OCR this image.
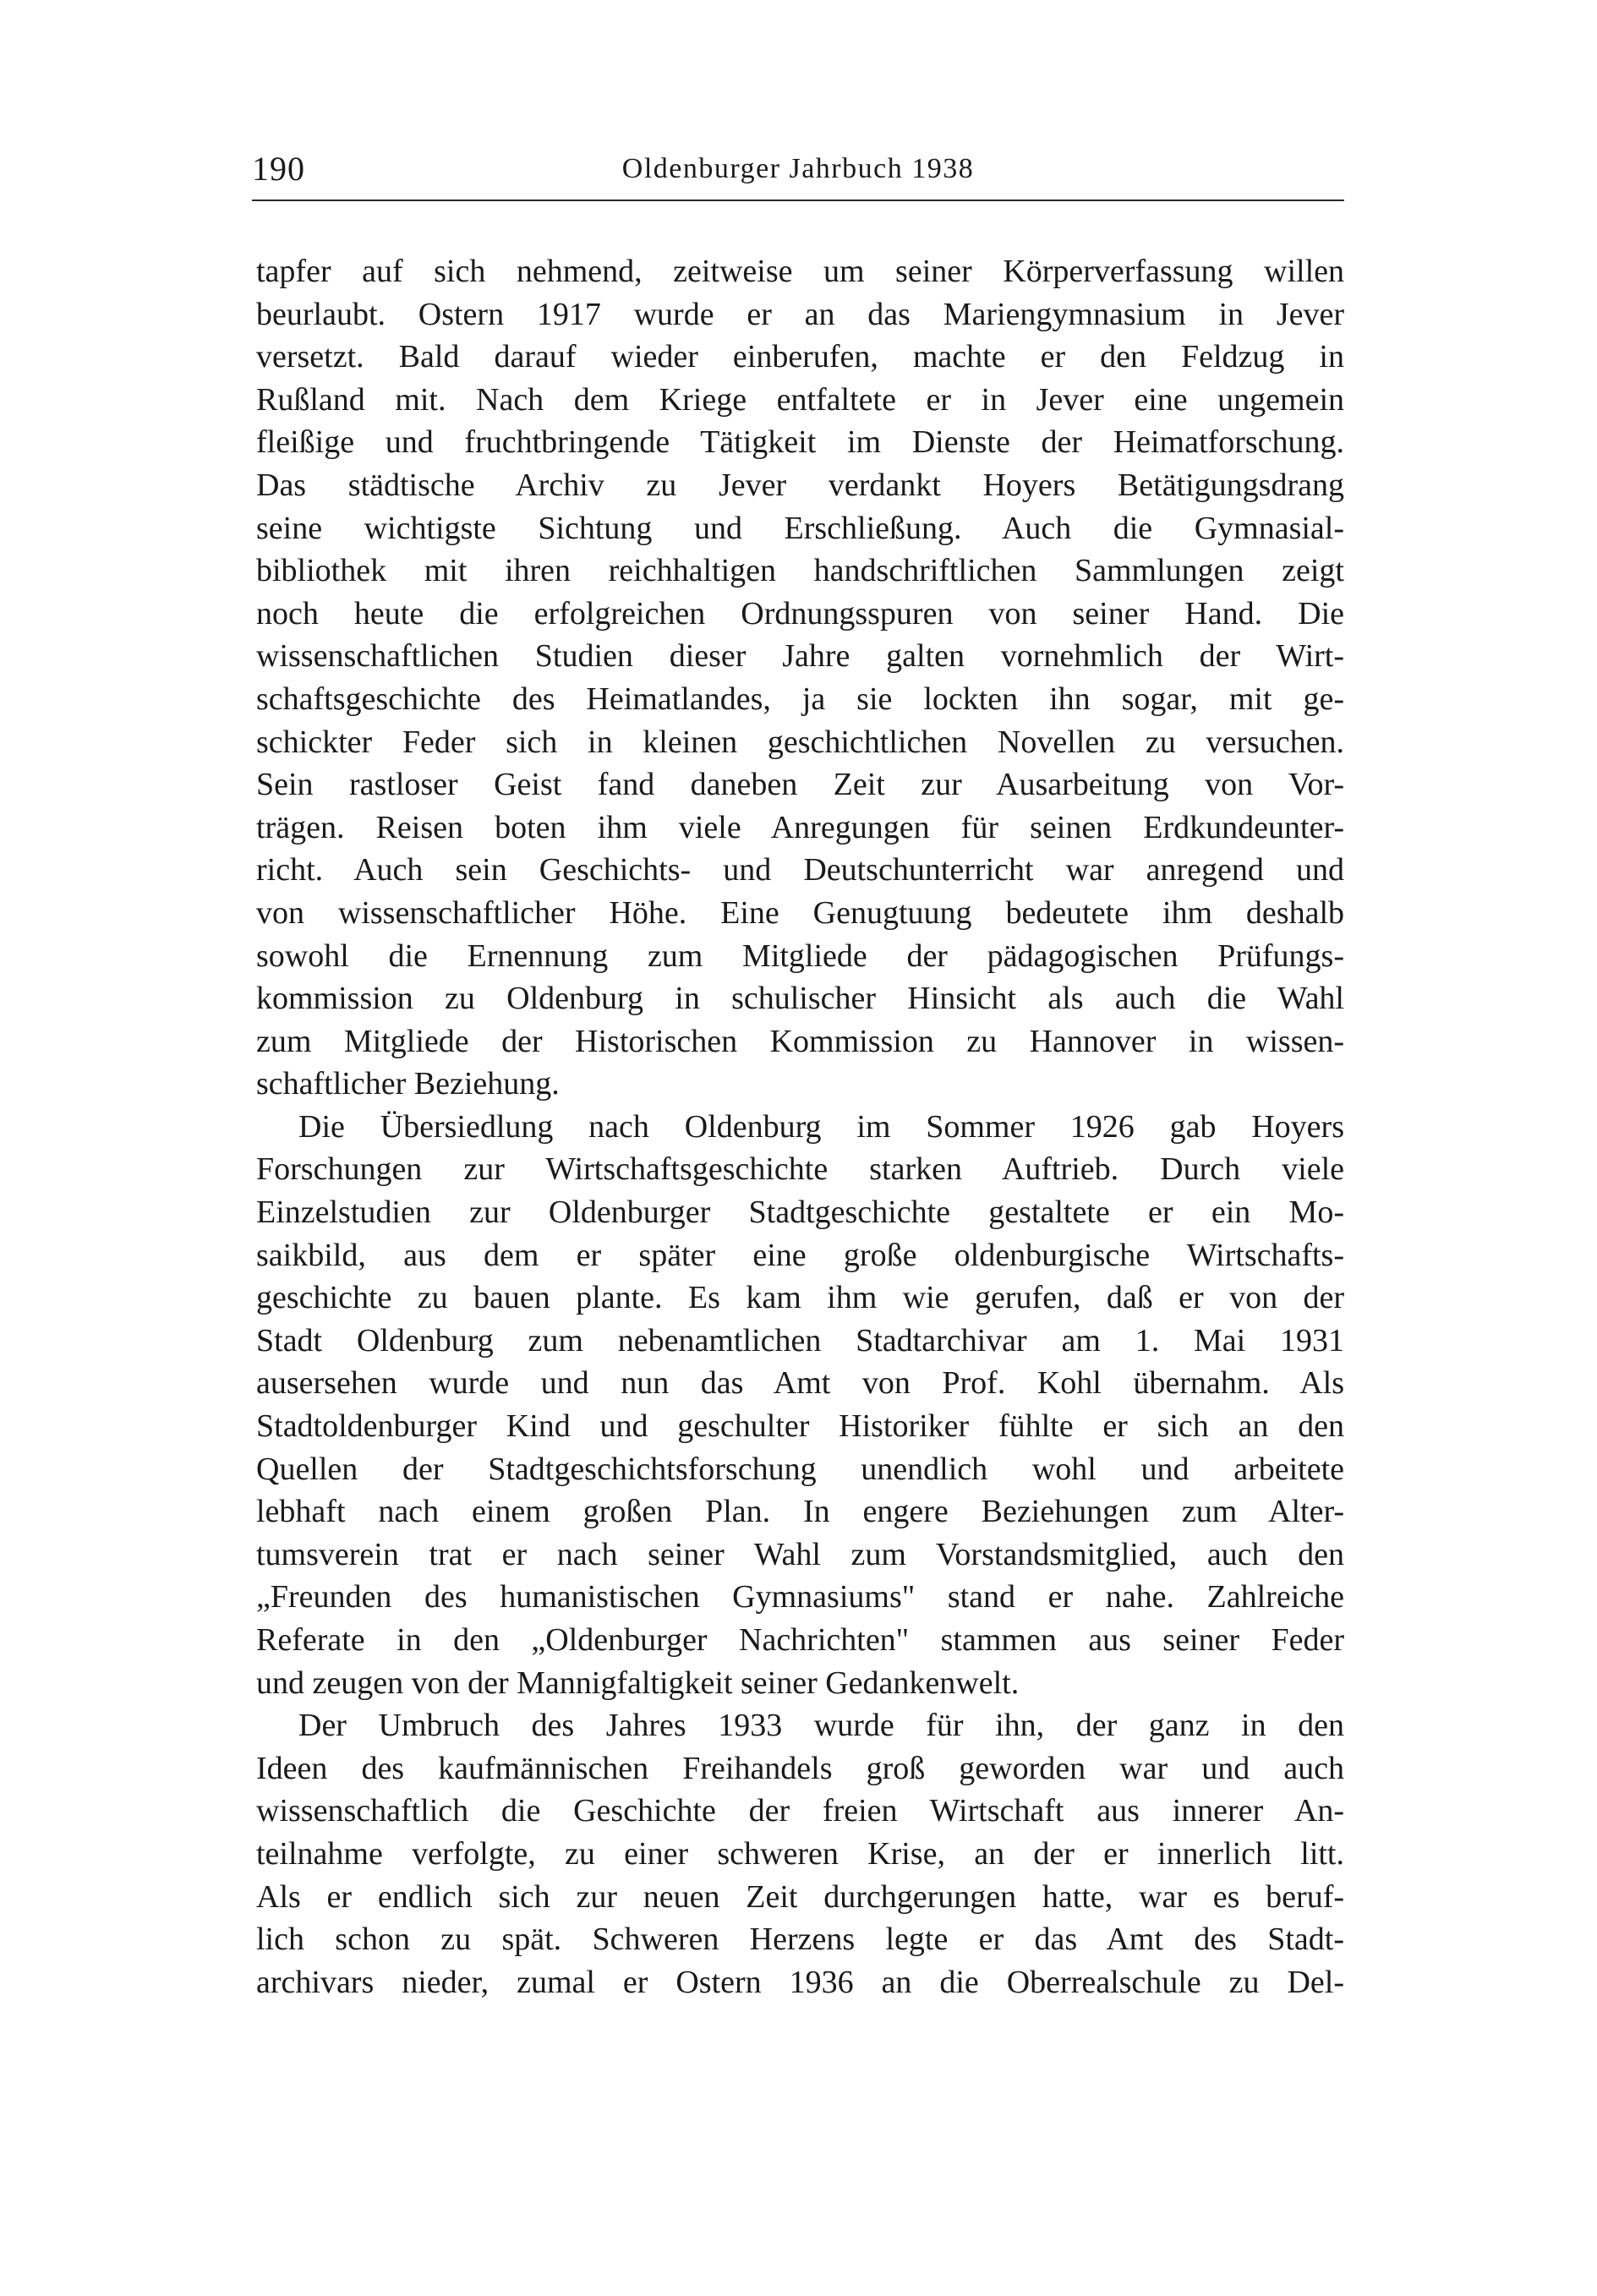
190	Oldenburger Jahrbuch 1938
tapfer auf sich nehmend, zeitweise um seiner Körperverfassung willen
beurlaubt. Ostern 1917 wurde er an das Mariengymnasium in Jever
versetzt. Bald darauf wieder einberufen, machte er den Feldzug in
Rußland mit. Nach dem Kriege entfaltete er in Jever eine ungemein
fleißige und fruchtbringende Tätigkeit im Dienste der Heimatforschung.
Das städtische Archiv zu Jever verdankt Hoyers Betätigungsdrang
seine wichtigste Sichtung und Erschließung. Auch die Gymnasial-
bibliothek mit ihren reichhaltigen handschriftlichen Sammlungen zeigt
noch heute die erfolgreichen Ordnungsspuren von seiner Hand. Die
wissenschaftlichen Studien dieser Jahre galten vornehmlich der Wirt-
schaftsgeschichte des Heimatlandes, ja sie lockten ihn sogar, mit ge-
schickter Feder sich in kleinen geschichtlichen Novellen zu versuchen.
Sein rastloser Geist fand daneben Zeit zur Ausarbeitung von Vor-
trägen. Reisen boten ihm viele Anregungen für seinen Erdkundeunter-
richt. Auch sein Geschichts- und Deutschunterricht war anregend und
von wissenschaftlicher Höhe. Eine Genugtuung bedeutete ihm deshalb
sowohl die Ernennung zum Mitgliede der pädagogischen Prüfungs-
kommission zu Oldenburg in schulischer Hinsicht als auch die Wahl
zum Mitgliede der Historischen Kommission zu Hannover in wissen-
schaftlicher Beziehung.
Die Übersiedlung nach Oldenburg im Sommer 1926 gab Hoyers
Forschungen zur Wirtschaftsgeschichte starken Auftrieb. Durch viele
Einzelstudien zur Oldenburger Stadtgeschichte gestaltete er ein Mo-
saikbild, aus dem er später eine große oldenburgische Wirtschafts-
geschichte zu bauen plante. Es kam ihm wie gerufen, daß er von der
Stadt Oldenburg zum nebenamtlichen Stadtarchivar am 1. Mai 1931
ausersehen wurde und nun das Amt von Prof. Kohl übernahm. Als
Stadtoldenburger Kind und geschulter Historiker fühlte er sich an den
Quellen der Stadtgeschichtsforschung unendlich wohl und arbeitete
lebhaft nach einem großen Plan. In engere Beziehungen zum Alter-
tumsverein trat er nach seiner Wahl zum Vorstandsmitglied, auch den
„Freunden des humanistischen Gymnasiums" stand er nahe. Zahlreiche
Referate in den „Oldenburger Nachrichten" stammen aus seiner Feder
und zeugen von der Mannigfaltigkeit seiner Gedankenwelt.
Der Umbruch des Jahres 1933 wurde für ihn, der ganz in den
Ideen des kaufmännischen Freihandels groß geworden war und auch
wissenschaftlich die Geschichte der freien Wirtschaft aus innerer An-
teilnahme verfolgte, zu einer schweren Krise, an der er innerlich litt.
Als er endlich sich zur neuen Zeit durchgerungen hatte, war es beruf-
lich schon zu spät. Schweren Herzens legte er das Amt des Stadt-
archivars nieder, zumal er Ostern 1936 an die Oberrealschule zu Del-
